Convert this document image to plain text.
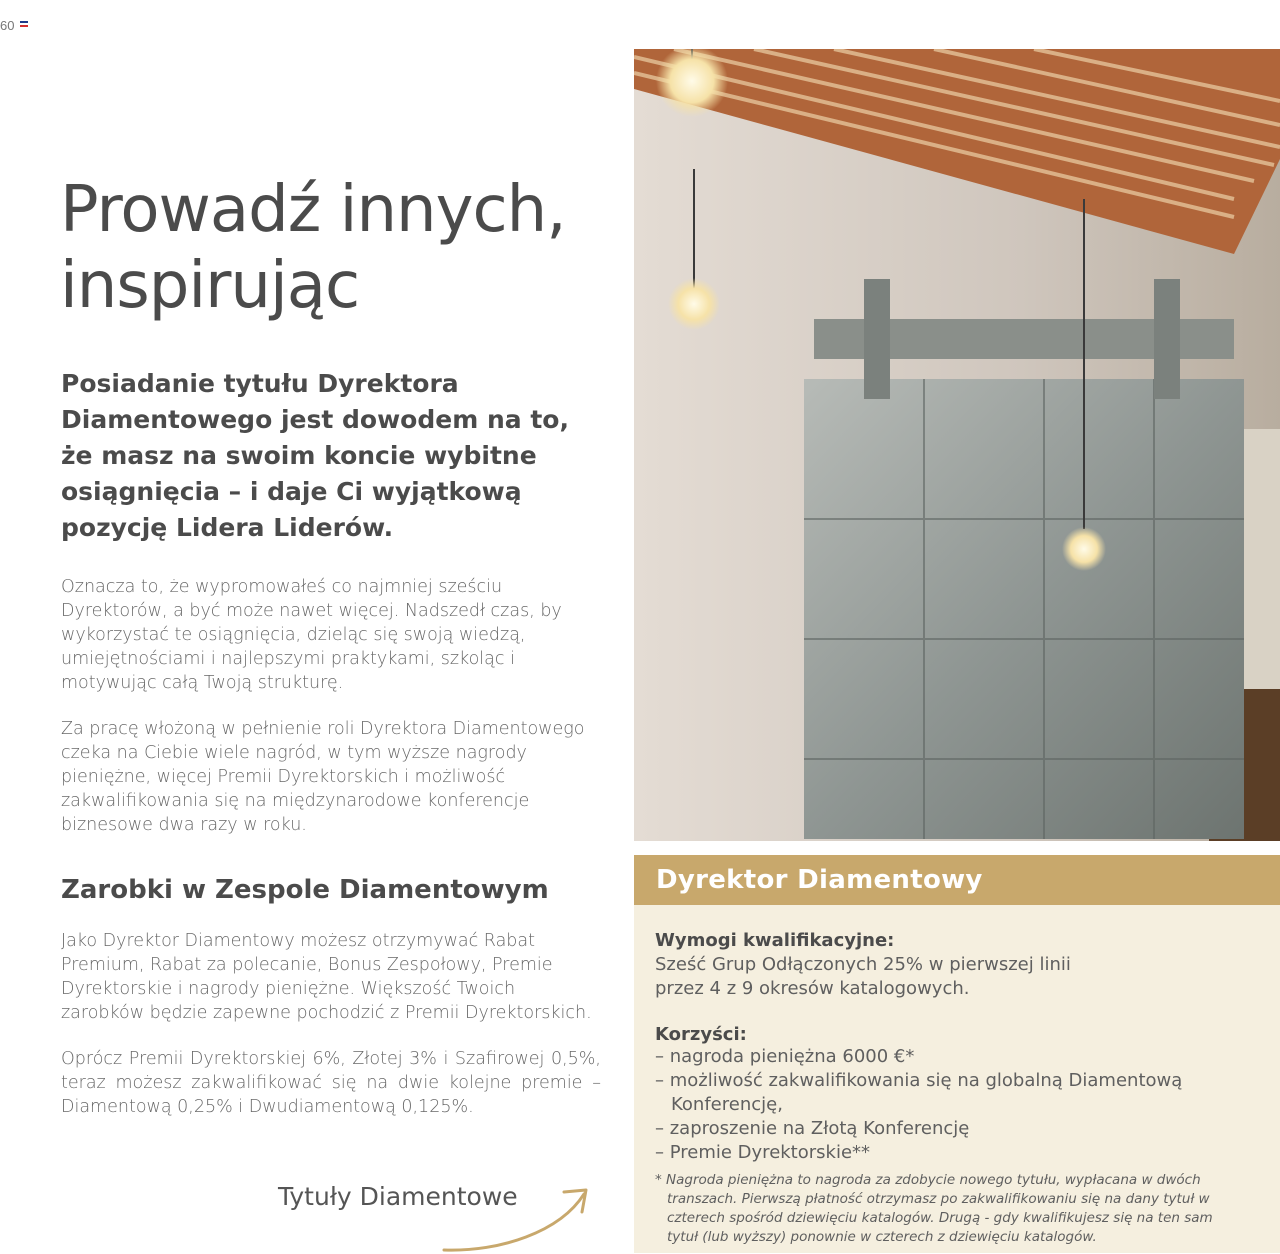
60
Prowadź innych, inspirując

Posiadanie tytułu Dyrektora Diamentowego jest dowodem na to, że masz na swoim koncie wybitne osiągnięcia – i daje Ci wyjątkową pozycję Lidera Liderów.

Oznacza to, że wypromowałeś co najmniej sześciu Dyrektorów, a być może nawet więcej. Nadszedł czas, by wykorzystać te osiągnięcia, dzieląc się swoją wiedzą, umiejętnościami i najlepszymi praktykami, szkoląc i motywując całą Twoją strukturę.

Za pracę włożoną w pełnienie roli Dyrektora Diamentowego czeka na Ciebie wiele nagród, w tym wyższe nagrody pieniężne, więcej Premii Dyrektorskich i możliwość zakwalifikowania się na międzynarodowe konferencje biznesowe dwa razy w roku.

Zarobki w Zespole Diamentowym

Jako Dyrektor Diamentowy możesz otrzymywać Rabat Premium, Rabat za polecanie, Bonus Zespołowy, Premie Dyrektorskie i nagrody pieniężne. Większość Twoich zarobków będzie zapewne pochodzić z Premii Dyrektorskich.

Oprócz Premii Dyrektorskiej 6%, Złotej 3% i Szafirowej 0,5%, teraz możesz zakwalifikować się na dwie kolejne premie – Diamentową 0,25% i Dwudiamentową 0,125%.

Tytuły Diamentowe
Dyrektor Diamentowy

Wymogi kwalifikacyjne:

Sześć Grup Odłączonych 25% w pierwszej linii przez 4 z 9 okresów katalogowych.

Korzyści:

– nagroda pieniężna 6000 €*
– możliwość zakwalifikowania się na globalną Diamentową Konferencję,
– zaproszenie na Złotą Konferencję
– Premie Dyrektorskie**

* Nagroda pieniężna to nagroda za zdobycie nowego tytułu, wypłacana w dwóch transzach. Pierwszą płatność otrzymasz po zakwalifikowaniu się na dany tytuł w czterech spośród dziewięciu katalogów. Drugą - gdy kwalifikujesz się na ten sam tytuł (lub wyższy) ponownie w czterech z dziewięciu katalogów.
